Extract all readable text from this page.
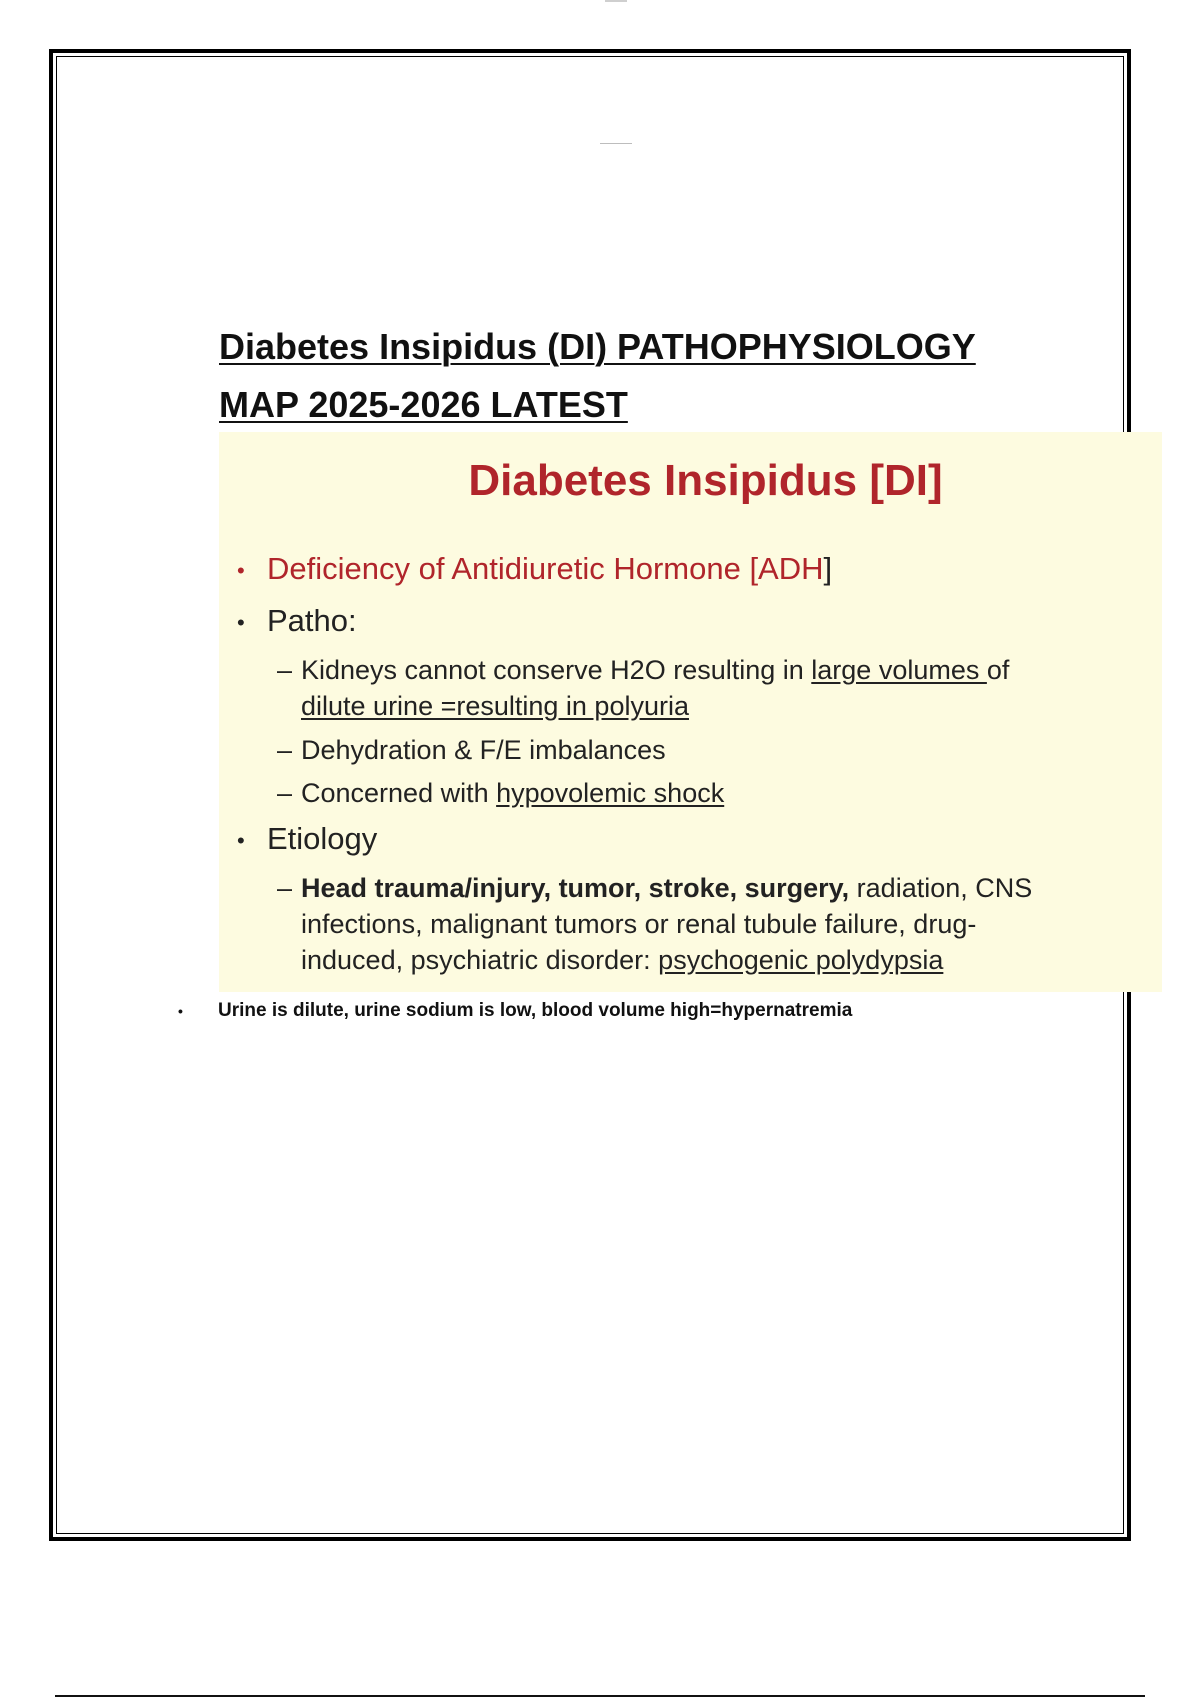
Diabetes Insipidus (DI) PATHOPHYSIOLOGY
MAP 2025-2026 LATEST
Diabetes Insipidus [DI]
• Deficiency of Antidiuretic Hormone [ADH]
• Patho:
– Kidneys cannot conserve H2O resulting in large volumes of
dilute urine =resulting in polyuria
– Dehydration & F/E imbalances
– Concerned with hypovolemic shock
• Etiology
– Head trauma/injury, tumor, stroke, surgery, radiation, CNS
infections, malignant tumors or renal tubule failure, drug-
induced, psychiatric disorder: psychogenic polydypsia
• Urine is dilute, urine sodium is low, blood volume high=hypernatremia
